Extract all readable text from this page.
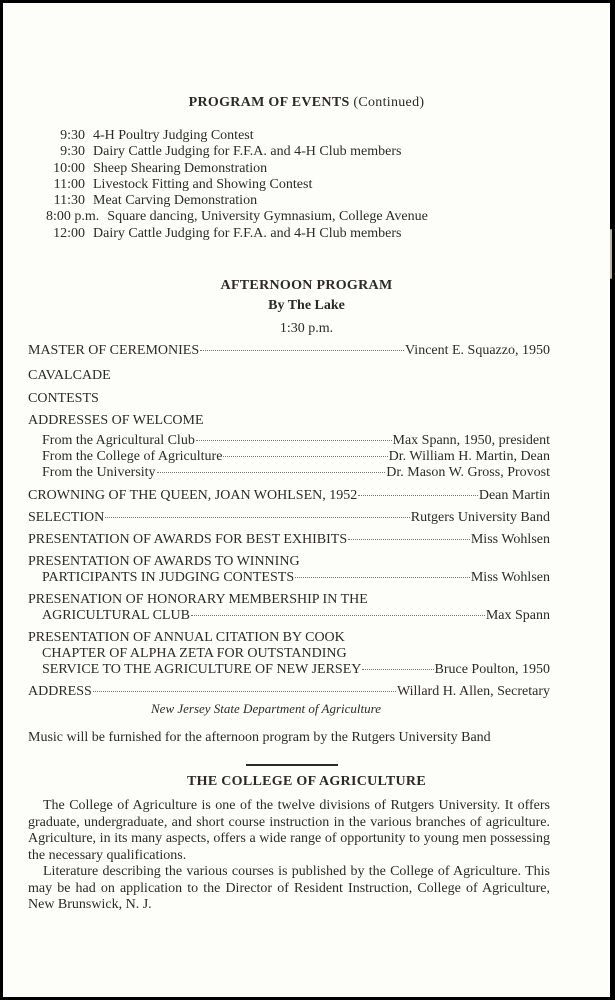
PROGRAM OF EVENTS (Continued)
9:30 4-H Poultry Judging Contest
9:30 Dairy Cattle Judging for F.F.A. and 4-H Club members
10:00 Sheep Shearing Demonstration
11:00 Livestock Fitting and Showing Contest
11:30 Meat Carving Demonstration
8:00 p.m. Square dancing, University Gymnasium, College Avenue
12:00 Dairy Cattle Judging for F.F.A. and 4-H Club members
AFTERNOON PROGRAM
By The Lake
1:30 p.m.
MASTER OF CEREMONIES	Vincent E. Squazzo, 1950
CAVALCADE
CONTESTS
ADDRESSES OF WELCOME
From the Agricultural Club	Max Spann, 1950, president
From the College of Agriculture	Dr. William H. Martin, Dean
From the University	Dr. Mason W. Gross, Provost
CROWNING OF THE QUEEN, JOAN WOHLSEN, 1952	Dean Martin
SELECTION	Rutgers University Band
PRESENTATION OF AWARDS FOR BEST EXHIBITS	Miss Wohlsen
PRESENTATION OF AWARDS TO WINNING
PARTICIPANTS IN JUDGING CONTESTS	Miss Wohlsen
PRESENATION OF HONORARY MEMBERSHIP IN THE
AGRICULTURAL CLUB	Max Spann
PRESENTATION OF ANNUAL CITATION BY COOK
CHAPTER OF ALPHA ZETA FOR OUTSTANDING
SERVICE TO THE AGRICULTURE OF NEW JERSEY	Bruce Poulton, 1950
ADDRESS	Willard H. Allen, Secretary
New Jersey State Department of Agriculture
Music will be furnished for the afternoon program by the Rutgers University Band
THE COLLEGE OF AGRICULTURE

The College of Agriculture is one of the twelve divisions of Rutgers University. It offers graduate, undergraduate, and short course instruction in the various branches of agriculture. Agriculture, in its many aspects, offers a wide range of opportunity to young men possessing the necessary qualifications.

Literature describing the various courses is published by the College of Agriculture. This may be had on application to the Director of Resident Instruction, College of Agriculture, New Brunswick, N. J.
